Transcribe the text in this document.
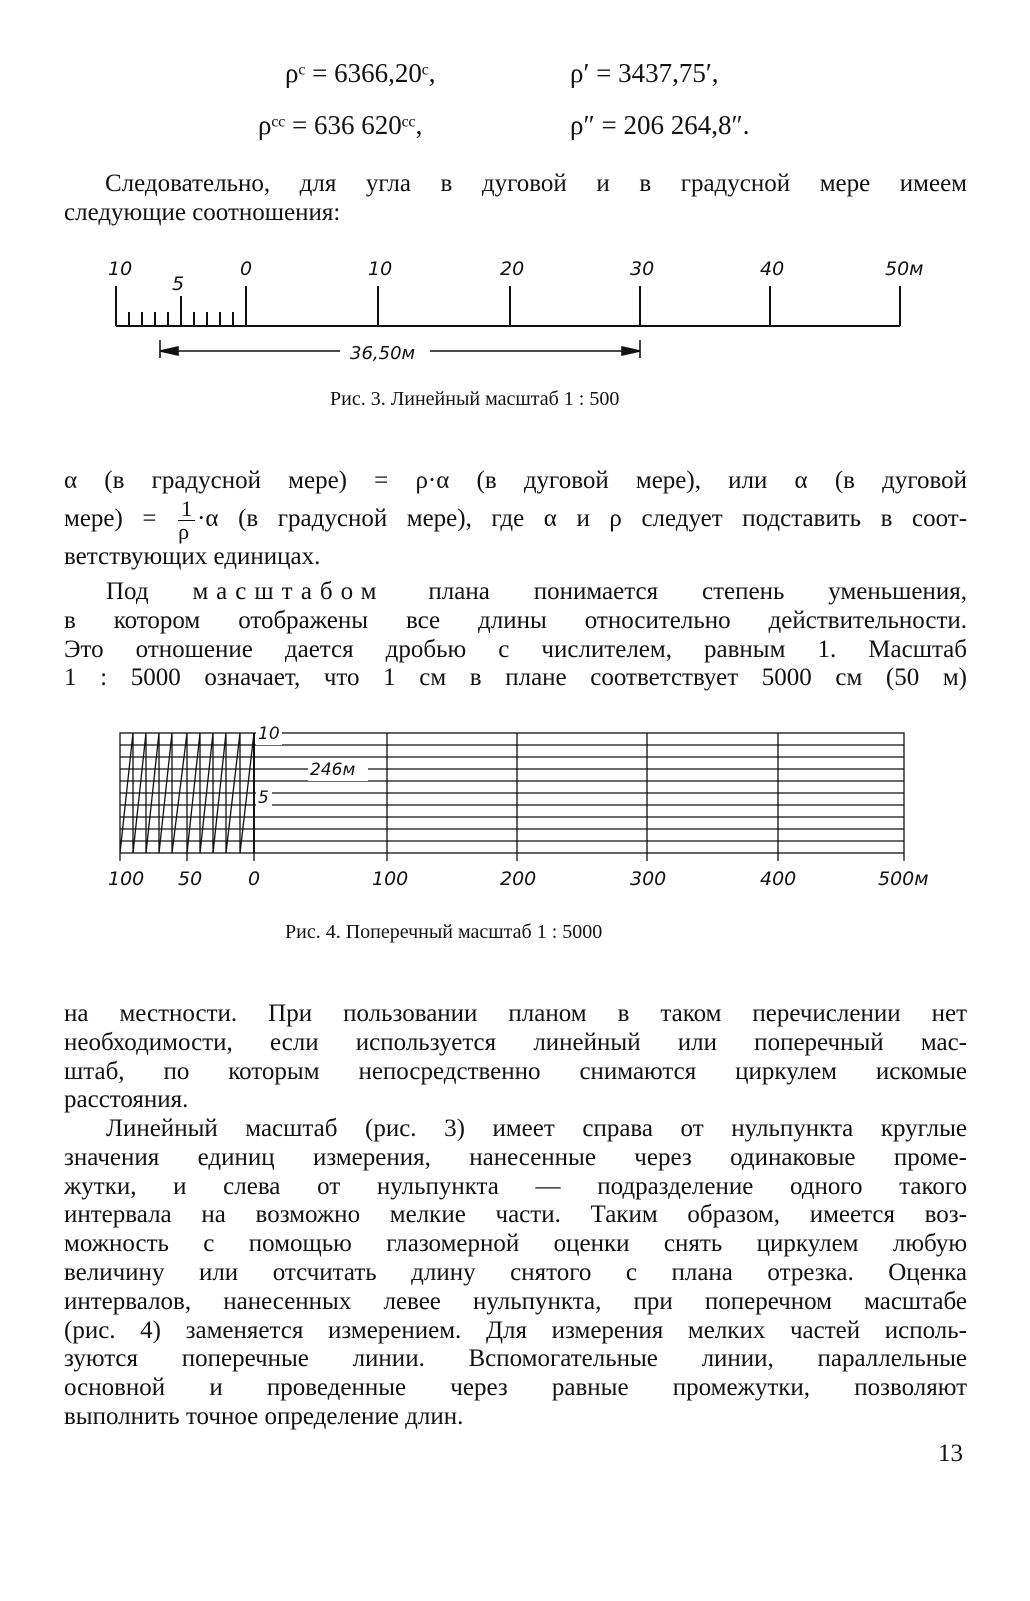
ρᶜ = 6366,20ᶜ,	ρ′ = 3437,75′,
ρᶜᶜ = 636 620ᶜᶜ,	ρ″ = 206 264,8″.
Следовательно, для угла в дуговой и в градусной мере имеем
следующие соотношения:
10
5
0	10	20	30	40	50м
36,50м
Рис. 3. Линейный масштаб 1 : 500
α (в градусной мере) = ρ·α (в дуговой мере), или α (в дуговой
мере) = $\frac{1}{\rho} \cdot\alpha$ (в градусной мере), где α и ρ следует подставить в соот-
ветствующих единицах.
Под масштабом плана понимается степень уменьшения,
в котором отображены все длины относительно действительности.
Это отношение дается дробью с числителем, равным 1. Масштаб
1 : 5000 означает, что 1 см в плане соответствует 5000 см (50 м)
10
246м
5
100 50 0	100	200	300	400	500м
Рис. 4. Поперечный масштаб 1 : 5000
на местности. При пользовании планом в таком перечислении нет
необходимости, если используется линейный или поперечный мас-
штаб, по которым непосредственно снимаются циркулем искомые
расстояния.
Линейный масштаб (рис. 3) имеет справа от нульпункта круглые
значения единиц измерения, нанесенные через одинаковые проме-
жутки, и слева от нульпункта — подразделение одного такого
интервала на возможно мелкие части. Таким образом, имеется воз-
можность с помощью глазомерной оценки снять циркулем любую
величину или отсчитать длину снятого с плана отрезка. Оценка
интервалов, нанесенных левее нульпункта, при поперечном масштабе
(рис. 4) заменяется измерением. Для измерения мелких частей исполь-
зуются поперечные линии. Вспомогательные линии, параллельные
основной и проведенные через равные промежутки, позволяют
выполнить точное определение длин.
13
